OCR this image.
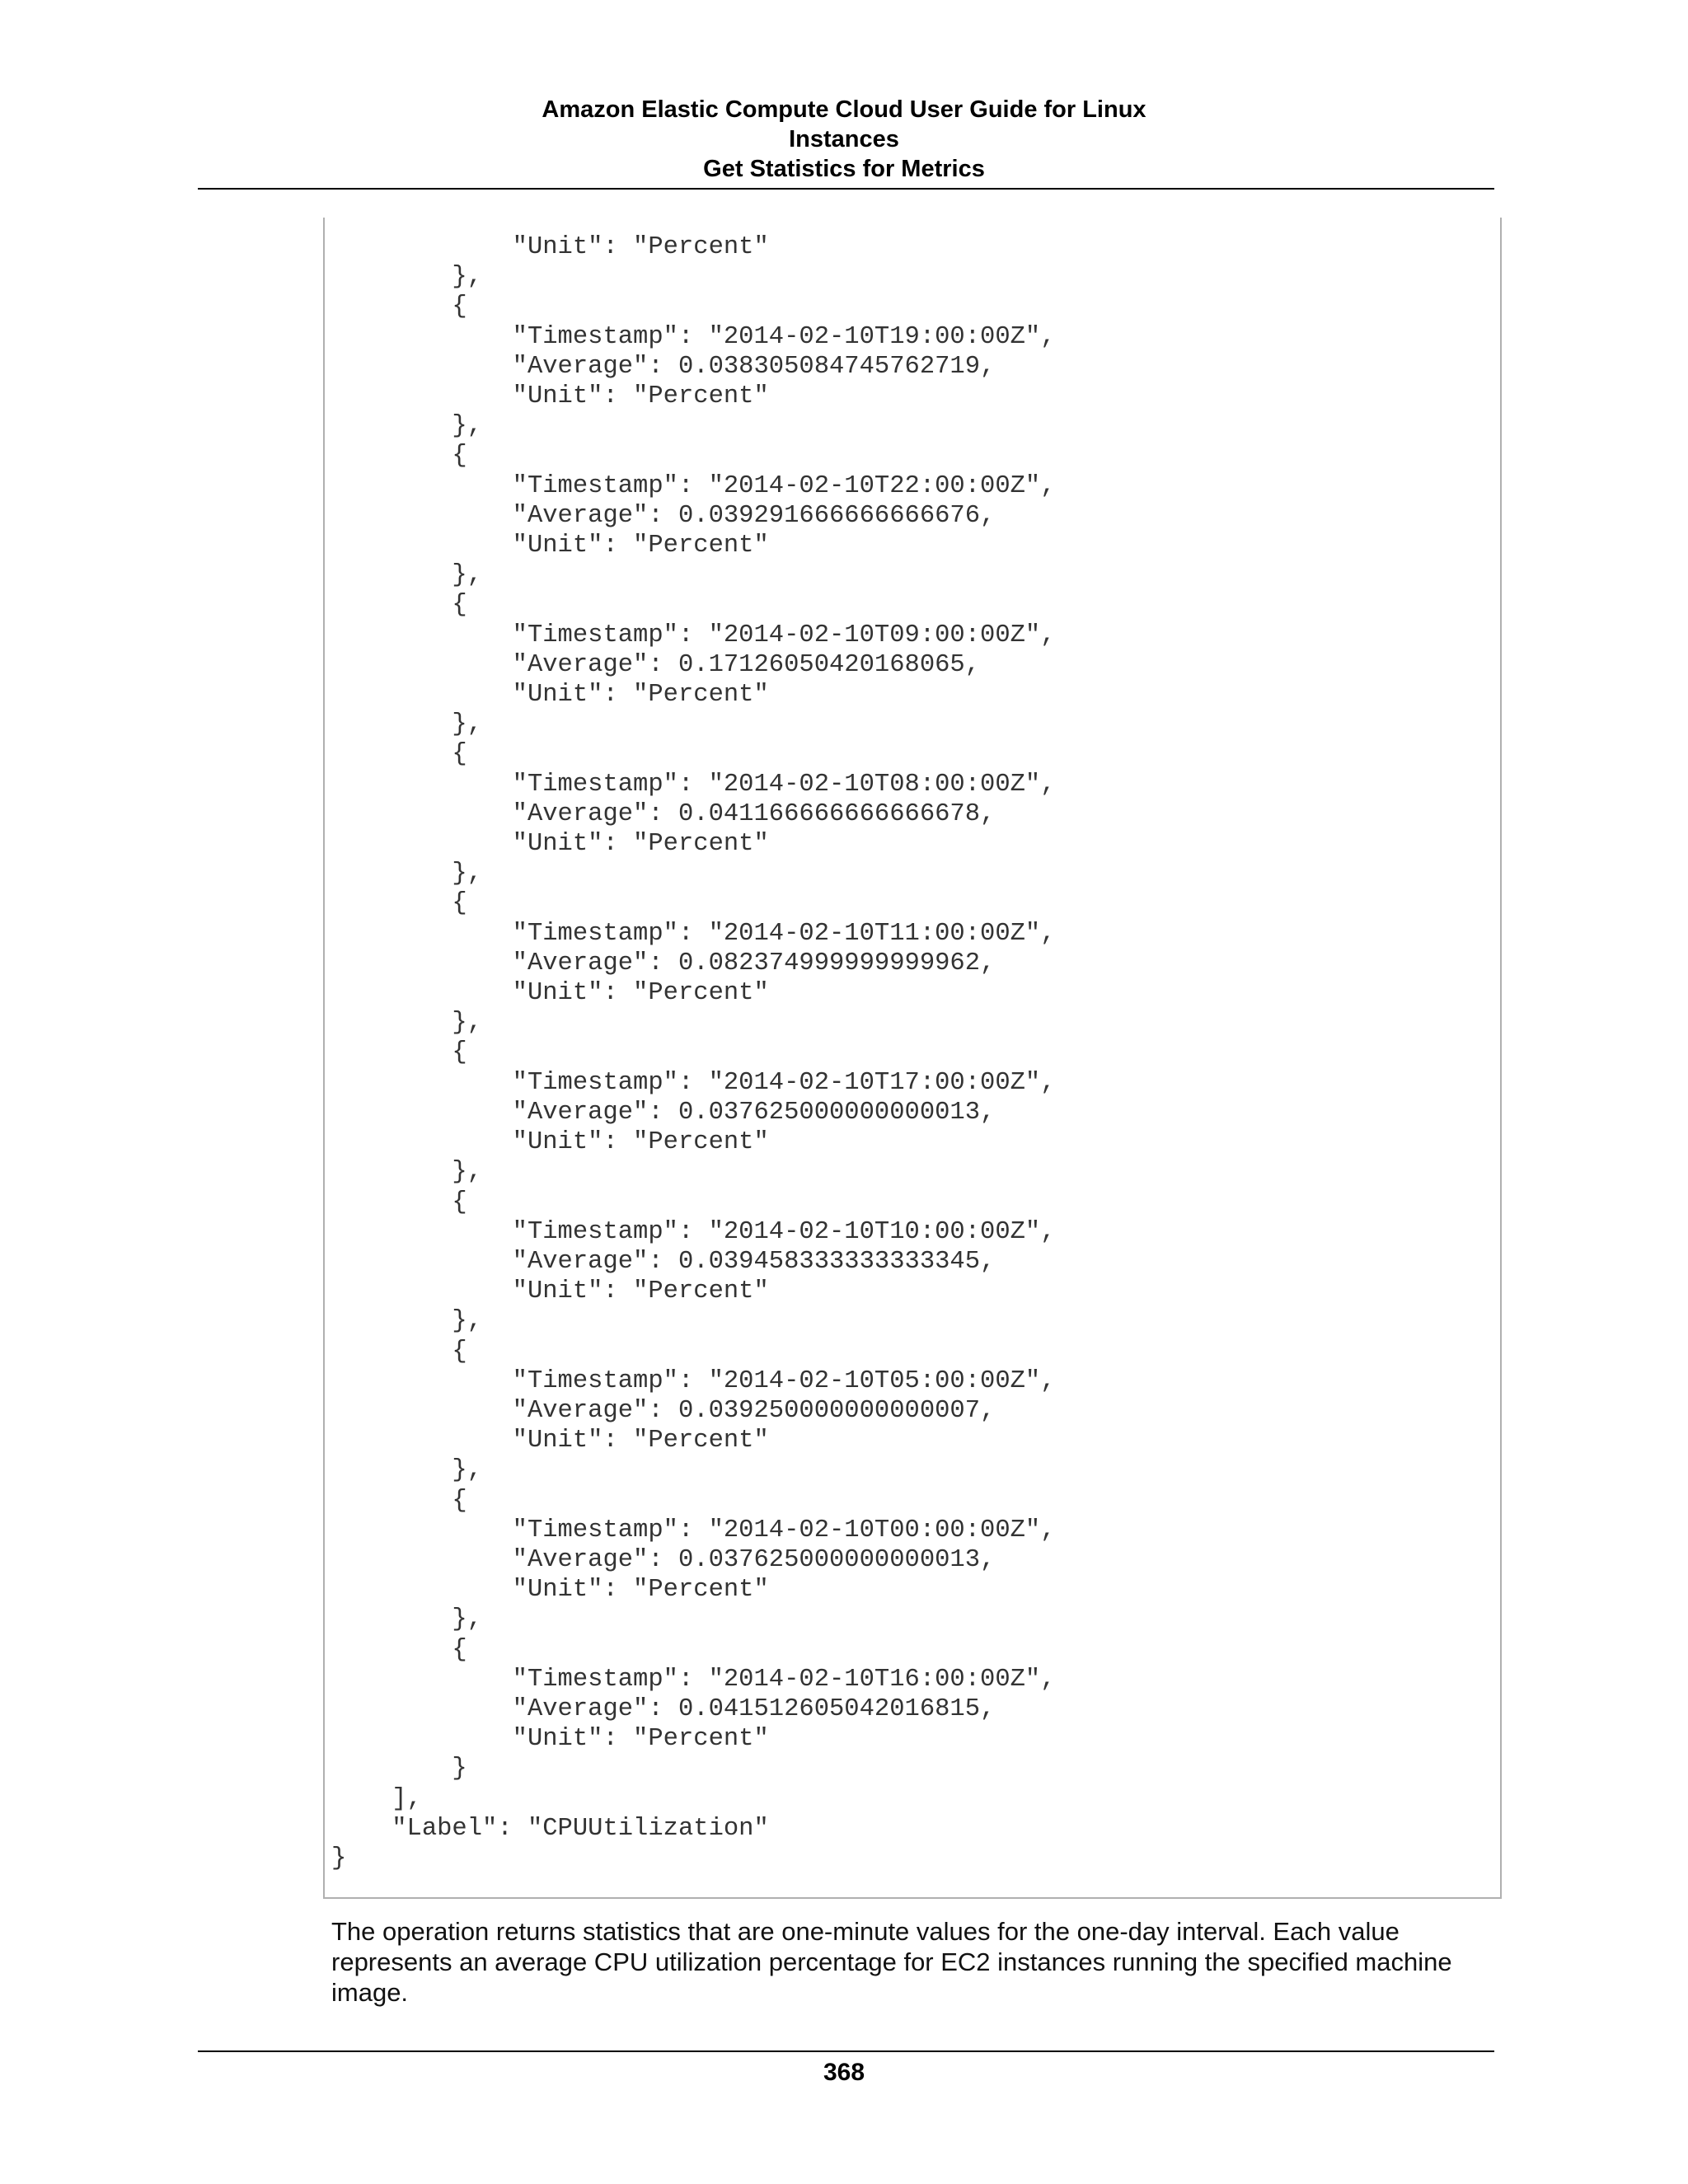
Amazon Elastic Compute Cloud User Guide for Linux
Instances
Get Statistics for Metrics
"Unit": "Percent"
},
{
"Timestamp": "2014-02-10T19:00:00Z",
"Average": 0.038305084745762719,
"Unit": "Percent"
},
{
"Timestamp": "2014-02-10T22:00:00Z",
"Average": 0.039291666666666676,
"Unit": "Percent"
},
{
"Timestamp": "2014-02-10T09:00:00Z",
"Average": 0.17126050420168065,
"Unit": "Percent"
},
{
"Timestamp": "2014-02-10T08:00:00Z",
"Average": 0.041166666666666678,
"Unit": "Percent"
},
{
"Timestamp": "2014-02-10T11:00:00Z",
"Average": 0.082374999999999962,
"Unit": "Percent"
},
{
"Timestamp": "2014-02-10T17:00:00Z",
"Average": 0.037625000000000013,
"Unit": "Percent"
},
{
"Timestamp": "2014-02-10T10:00:00Z",
"Average": 0.039458333333333345,
"Unit": "Percent"
},
{
"Timestamp": "2014-02-10T05:00:00Z",
"Average": 0.039250000000000007,
"Unit": "Percent"
},
{
"Timestamp": "2014-02-10T00:00:00Z",
"Average": 0.037625000000000013,
"Unit": "Percent"
},
{
"Timestamp": "2014-02-10T16:00:00Z",
"Average": 0.041512605042016815,
"Unit": "Percent"
}
],
"Label": "CPUUtilization"
}

The operation returns statistics that are one-minute values for the one-day interval. Each value represents an average CPU utilization percentage for EC2 instances running the specified machine image.

368
